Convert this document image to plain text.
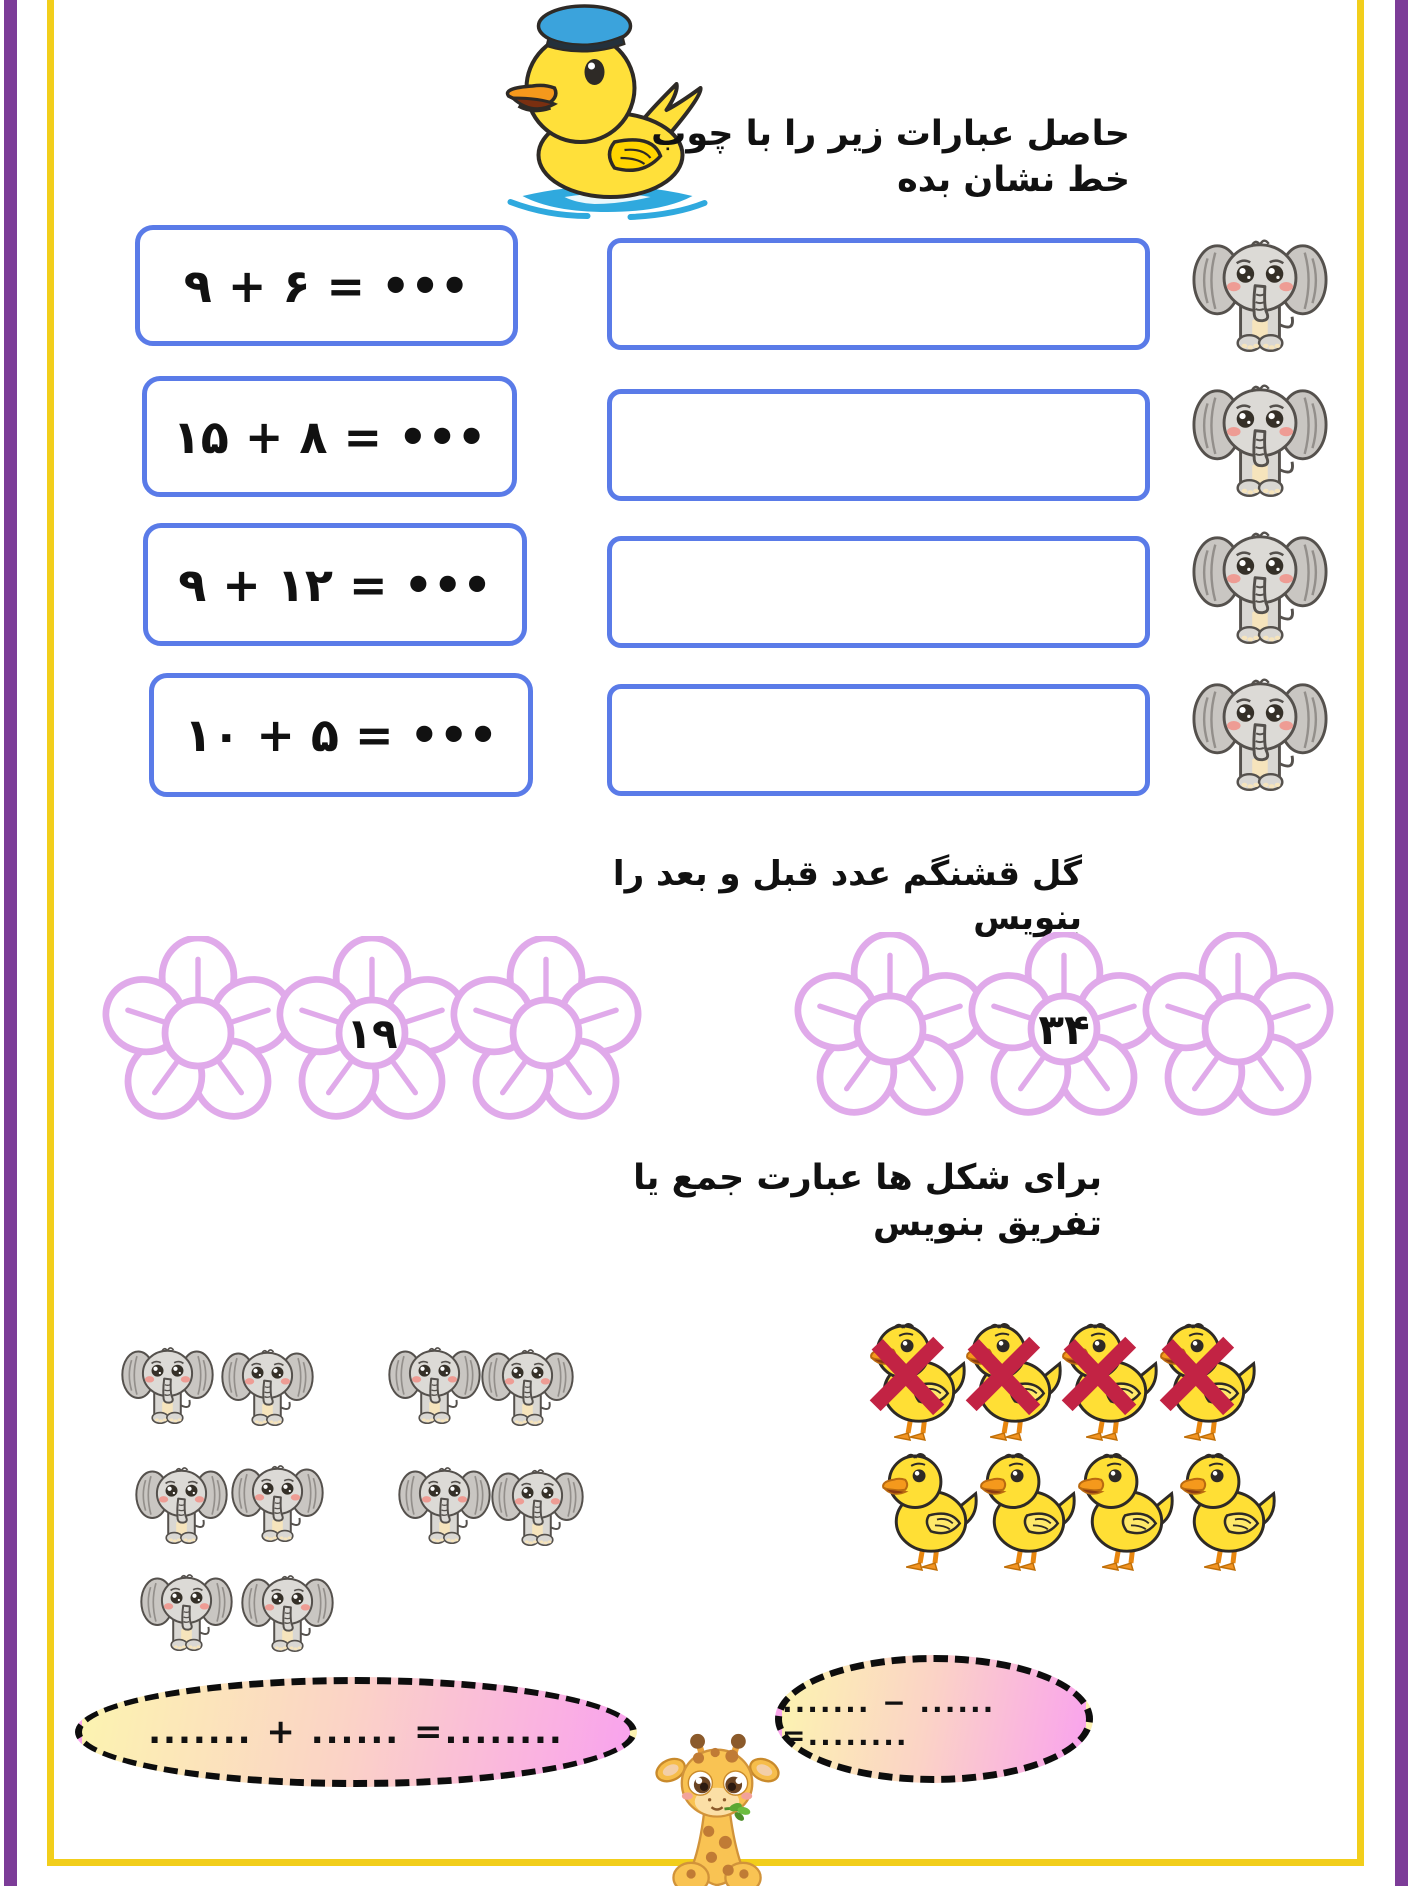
حاصل عبارات زیر را با چوب خط نشان بده
۹ + ۶ = •••
۱۵ + ۸ = •••
۹ + ۱۲ = •••
۱۰ + ۵ = •••
گل قشنگم عدد قبل و بعد را بنویس
۱۹	۳۴
برای شکل ها عبارت جمع یا تفریق بنویس
....... + ...... =........
....... − ...... =........
